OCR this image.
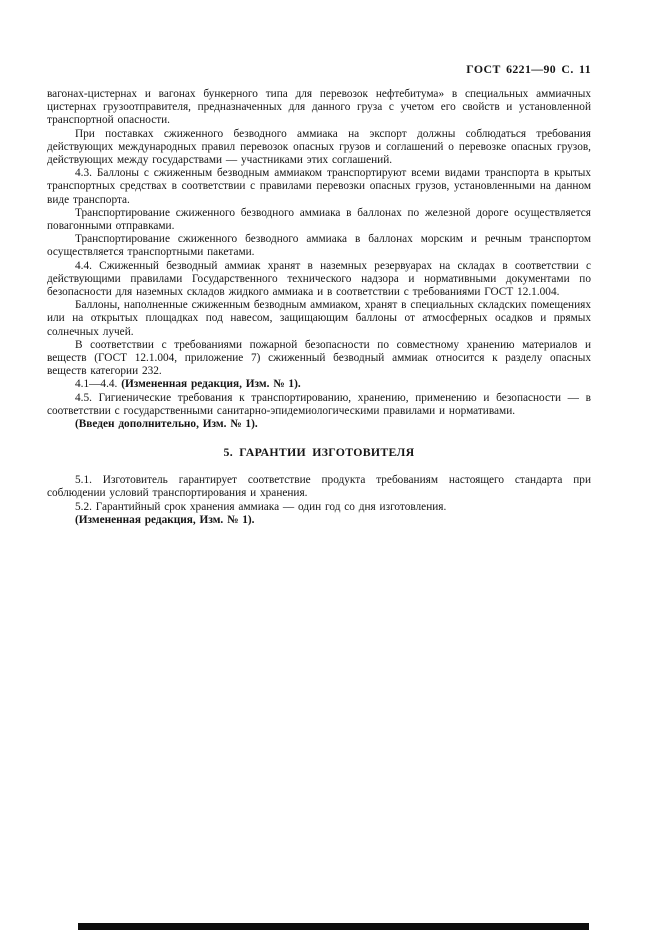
ГОСТ 6221—90 С. 11

вагонах-цистернах и вагонах бункерного типа для перевозок нефтебитума» в специальных аммиачных цистернах грузоотправителя, предназначенных для данного груза с учетом его свойств и установленной транспортной опасности.

При поставках сжиженного безводного аммиака на экспорт должны соблюдаться требования действующих международных правил перевозок опасных грузов и соглашений о перевозке опасных грузов, действующих между государствами — участниками этих соглашений.

4.3. Баллоны с сжиженным безводным аммиаком транспортируют всеми видами транспорта в крытых транспортных средствах в соответствии с правилами перевозки опасных грузов, установленными на данном виде транспорта.

Транспортирование сжиженного безводного аммиака в баллонах по железной дороге осуществляется повагонными отправками.

Транспортирование сжиженного безводного аммиака в баллонах морским и речным транспортом осуществляется транспортными пакетами.

4.4. Сжиженный безводный аммиак хранят в наземных резервуарах на складах в соответствии с действующими правилами Государственного технического надзора и нормативными документами по безопасности для наземных складов жидкого аммиака и в соответствии с требованиями ГОСТ 12.1.004.

Баллоны, наполненные сжиженным безводным аммиаком, хранят в специальных складских помещениях или на открытых площадках под навесом, защищающим баллоны от атмосферных осадков и прямых солнечных лучей.

В соответствии с требованиями пожарной безопасности по совместному хранению материалов и веществ (ГОСТ 12.1.004, приложение 7) сжиженный безводный аммиак относится к разделу опасных веществ категории 232.

4.1—4.4. (Измененная редакция, Изм. № 1).

4.5. Гигиенические требования к транспортированию, хранению, применению и безопасности — в соответствии с государственными санитарно-эпидемиологическими правилами и нормативами.

(Введен дополнительно, Изм. № 1).

5. ГАРАНТИИ ИЗГОТОВИТЕЛЯ

5.1. Изготовитель гарантирует соответствие продукта требованиям настоящего стандарта при соблюдении условий транспортирования и хранения.

5.2. Гарантийный срок хранения аммиака — один год со дня изготовления.

(Измененная редакция, Изм. № 1).
